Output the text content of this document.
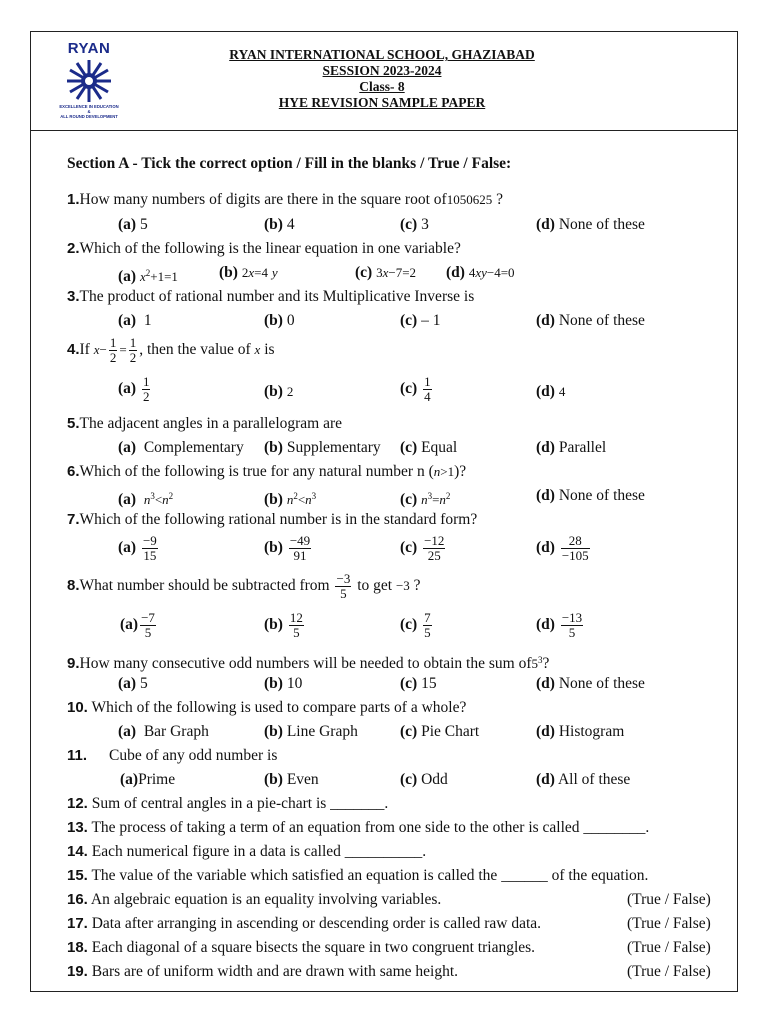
RYAN
EXCELLENCE IN EDUCATION
&
ALL ROUND DEVELOPMENT
RYAN INTERNATIONAL SCHOOL, GHAZIABAD
SESSION 2023-2024
Class- 8
HYE REVISION SAMPLE PAPER
Section A - Tick the correct option / Fill in the blanks / True / False:
1.How many numbers of digits are there in the square root of1050625 ?
(a) 5	(b) 4	(c) 3	(d) None of these
2.Which of the following is the linear equation in one variable?
(a) $x^2+1=1$	(b) 2x=4 y	(c) 3x−7=2 (d) 4xy−4=0
3.The product of rational number and its Multiplicative Inverse is
(a) 1	(b) 0	(c) – 1	(d) None of these
4.If $x- \frac{1}{2} = \frac{1}{2}$ , then the value of x is
$(a) \frac{1}{2}$	(b) 2	$(c) \frac{1}{4}$	(d) 4
5.The adjacent angles in a parallelogram are
(a) Complementary (b) Supplementary (c) Equal	(d) Parallel
6.Which of the following is true for any natural number n (n>1)?
(a) $n^3<n^2$	(b) $n^2<n^3$	(c) $n^3=n^2$	(d) None of these
7.Which of the following rational number is in the standard form?
$(a) \frac{-9}{15}$	$(b) \frac{-49}{91}$	$(c) \frac{-12}{25}$	$(d) \frac{28}{-105}$
8.What number should be subtracted from $\frac{-3}{5}$ to get −3 ?
$(a) \frac{-7}{5}$	$(b) \frac{12}{5}$	$(c) \frac{7}{5}$	$(d) \frac{-13}{5}$
9.How many consecutive odd numbers will be needed to obtain the sum $of5^3$?
(a) 5	(b) 10	(c) 15	(d) None of these
10. Which of the following is used to compare parts of a whole?
(a) Bar Graph	(b) Line Graph	(c) Pie Chart	(d) Histogram
11. Cube of any odd number is
(a)Prime	(b) Even	(c) Odd	(d) All of these
12. Sum of central angles in a pie-chart is _______.
13. The process of taking a term of an equation from one side to the other is called ________.
14. Each numerical figure in a data is called __________.
15. The value of the variable which satisfied an equation is called the ______ of the equation.
16. An algebraic equation is an equality involving variables.	(True / False)
17. Data after arranging in ascending or descending order is called raw data.	(True / False)
18. Each diagonal of a square bisects the square in two congruent triangles.	(True / False)
19. Bars are of uniform width and are drawn with same height.	(True / False)
